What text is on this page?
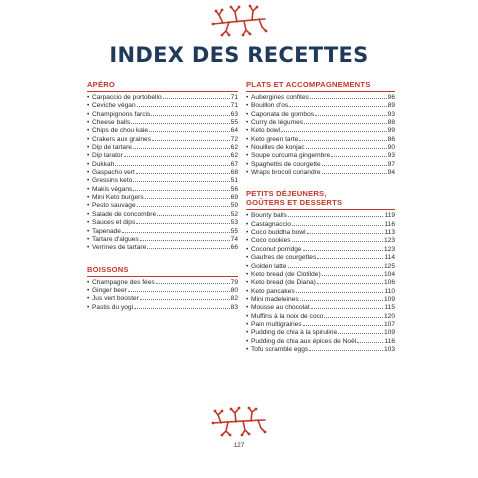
INDEX DES RECETTES
APÉRO
• Carpaccio de portobello	71
• Ceviche végan	71
• Champignons farcis	63
• Cheese balls	55
• Chips de chou kale	64
• Crakers aux graines	72
• Dip de tartare	62
• Dip tarator	62
• Dukkah	67
• Gaspacho vert	68
• Gressins keto	51
• Makis végans	56
• Mini Keto burgers	69
• Pesto sauvage	59
• Salade de concombre	52
• Sauces et dips	53
• Tapenade	55
• Tartare d'algues	74
• Verrines de tartare	66
BOISSONS
• Champagne des fées	79
• Ginger beer	80
• Jus vert booster	82
• Pastis du yogi	83
PLATS ET ACCOMPAGNEMENTS
• Aubergines confites	96
• Bouillon d'os	89
• Caponata de gombos	93
• Curry de légumes	88
• Keto bowl	99
• Keto green tarte	86
• Nouilles de konjac	90
• Soupe curcuma gingembre	93
• Spaghettis de courgette	97
• Wraps brocoli coriandre	94
PETITS DÉJEUNERS,
GOÛTERS ET DESSERTS
• Bounty balls	119
• Castagnaccio	116
• Coco buddha bowl	113
• Coco cookies	123
• Coconut porridge	123
• Gaufres de courgettes	114
• Golden latte	125
• Keto bread (de Clotilde)	104
• Keto bread (de Diana)	106
• Keto pancakes	110
• Mini madeleines	109
• Mousse au chocolat	115
• Muffins à la noix de coco	120
• Pain multigraines	107
• Pudding de chia à la spiruline	109
• Pudding de chia aux épices de Noël	116
• Tofu scramble eggs	103
127
